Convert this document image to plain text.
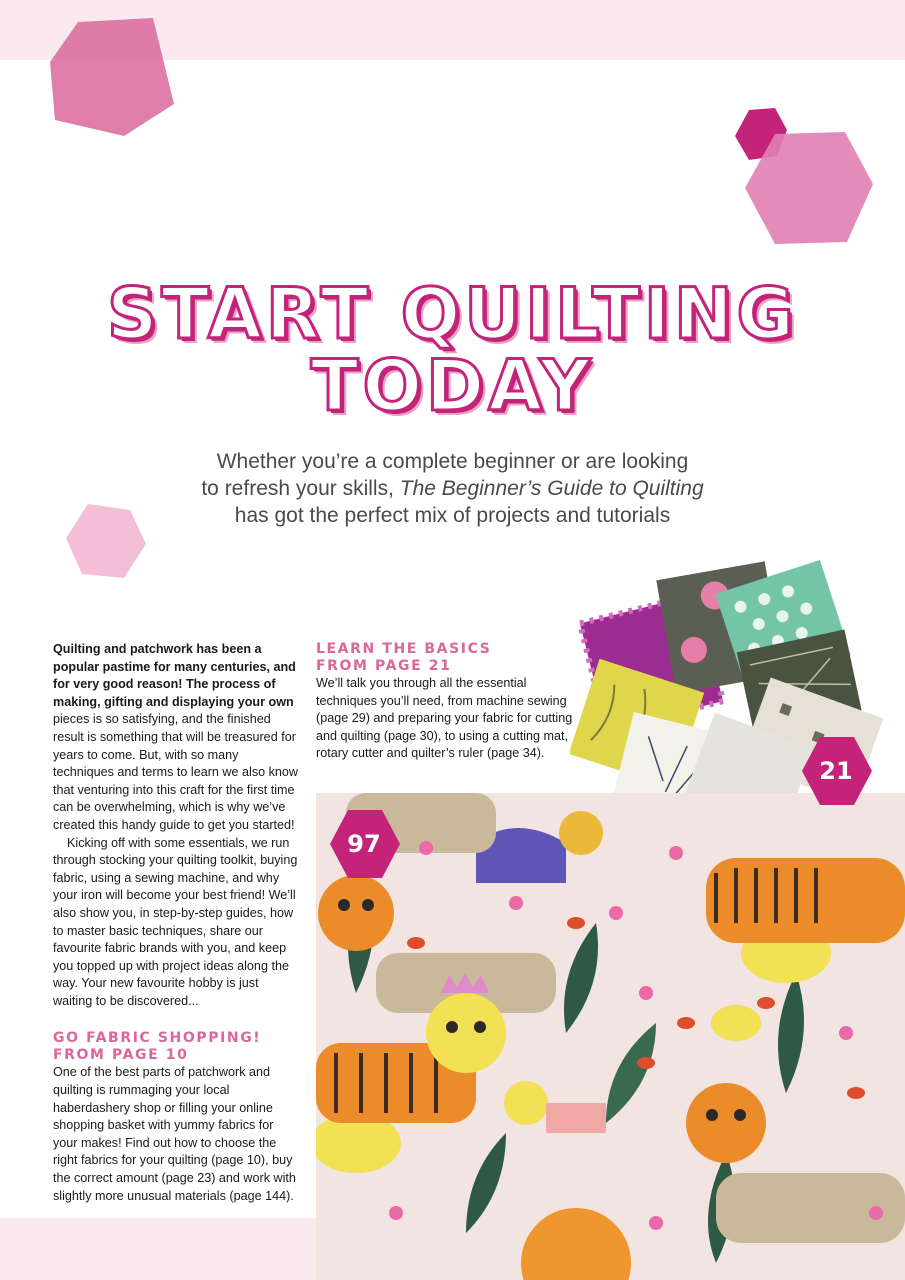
START QUILTING
TODAY
Whether you’re a complete beginner or are looking
to refresh your skills, The Beginner’s Guide to Quilting
has got the perfect mix of projects and tutorials

Quilting and patchwork has been a popular pastime for many centuries, and for very good reason! The process of making, gifting and displaying your own pieces is so satisfying, and the finished result is something that will be treasured for years to come. But, with so many techniques and terms to learn we also know that venturing into this craft for the first time can be overwhelming, which is why we’ve created this handy guide to get you started!

Kicking off with some essentials, we run through stocking your quilting toolkit, buying fabric, using a sewing machine, and why your iron will become your best friend! We’ll also show you, in step-by-step guides, how to master basic techniques, share our favourite fabric brands with you, and keep you topped up with project ideas along the way. Your new favourite hobby is just waiting to be discovered...

GO FABRIC SHOPPING!
FROM PAGE 10

One of the best parts of patchwork and quilting is rummaging your local haberdashery shop or filling your online shopping basket with yummy fabrics for your makes! Find out how to choose the right fabrics for your quilting (page 10), buy the correct amount (page 23) and work with slightly more unusual materials (page 144).

LEARN THE BASICS
FROM PAGE 21

We’ll talk you through all the essential techniques you’ll need, from machine sewing (page 29) and preparing your fabric for cutting and quilting (page 30), to using a cutting mat, rotary cutter and quilter’s ruler (page 34).

21
97
